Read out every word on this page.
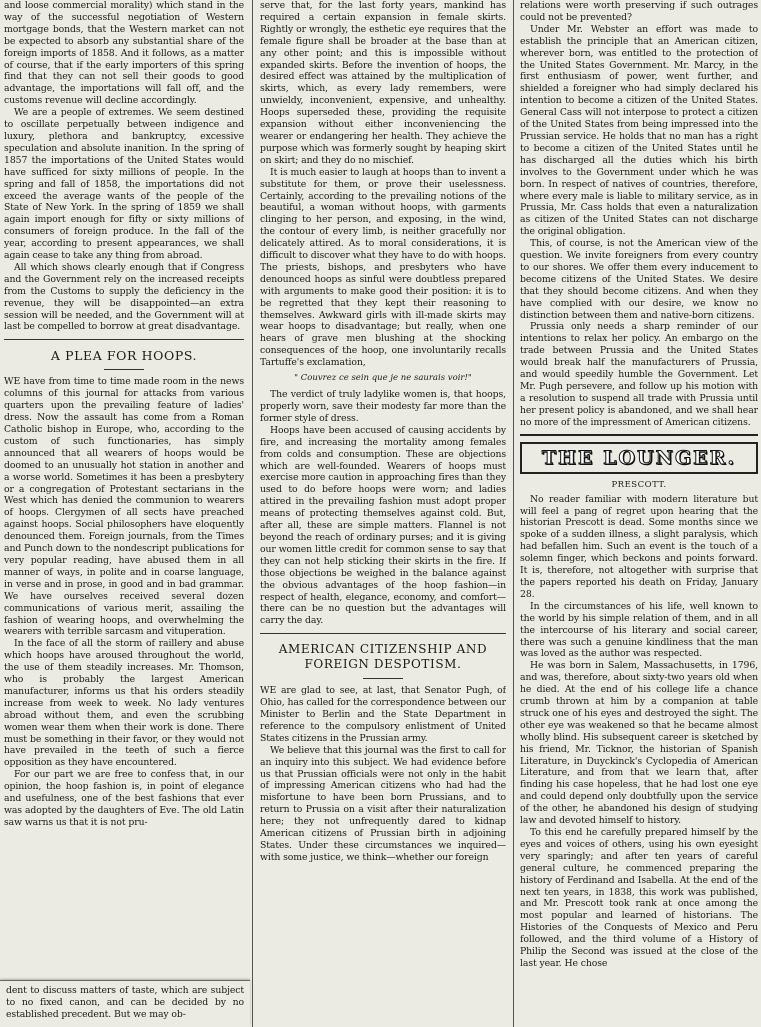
and loose commercial morality) which stand in the way of the successful negotiation of Western mortgage bonds, that the Western market can not be expected to absorb any substantial share of the foreign imports of 1858. And it follows, as a matter of course, that if the early importers of this spring find that they can not sell their goods to good advantage, the importations will fall off, and the customs revenue will decline accordingly.

We are a people of extremes. We seem destined to oscillate perpetually between indigence and luxury, plethora and bankruptcy, excessive speculation and absolute inanition. In the spring of 1857 the importations of the United States would have sufficed for sixty millions of people. In the spring and fall of 1858, the importations did not exceed the average wants of the people of the State of New York. In the spring of 1859 we shall again import enough for fifty or sixty millions of consumers of foreign produce. In the fall of the year, according to present appearances, we shall again cease to take any thing from abroad.

All which shows clearly enough that if Congress and the Government rely on the increased receipts from the Customs to supply the deficiency in the revenue, they will be disappointed—an extra session will be needed, and the Government will at last be compelled to borrow at great disadvantage.

A PLEA FOR HOOPS.

WE have from time to time made room in the news columns of this journal for attacks from various quarters upon the prevailing feature of ladies' dress. Now the assault has come from a Roman Catholic bishop in Europe, who, according to the custom of such functionaries, has simply announced that all wearers of hoops would be doomed to an unusually hot station in another and a worse world. Sometimes it has been a presbytery or a congregation of Protestant sectarians in the West which has denied the communion to wearers of hoops. Clergymen of all sects have preached against hoops. Social philosophers have eloquently denounced them. Foreign journals, from the Times and Punch down to the nondescript publications for very popular reading, have abused them in all manner of ways, in polite and in coarse language, in verse and in prose, in good and in bad grammar. We have ourselves received several dozen communications of various merit, assailing the fashion of wearing hoops, and overwhelming the wearers with terrible sarcasm and vituperation.

In the face of all the storm of raillery and abuse which hoops have aroused throughout the world, the use of them steadily increases. Mr. Thomson, who is probably the largest American manufacturer, informs us that his orders steadily increase from week to week. No lady ventures abroad without them, and even the scrubbing women wear them when their work is done. There must be something in their favor, or they would not have prevailed in the teeth of such a fierce opposition as they have encountered.

For our part we are free to confess that, in our opinion, the hoop fashion is, in point of elegance and usefulness, one of the best fashions that ever was adopted by the daughters of Eve. The old Latin saw warns us that it is not pru-

dent to discuss matters of taste, which are subject to no fixed canon, and can be decided by no established precedent. But we may ob-

serve that, for the last forty years, mankind has required a certain expansion in female skirts. Rightly or wrongly, the esthetic eye requires that the female figure shall be broader at the base than at any other point; and this is impossible without expanded skirts. Before the invention of hoops, the desired effect was attained by the multiplication of skirts, which, as every lady remembers, were unwieldy, inconvenient, expensive, and unhealthy. Hoops superseded these, providing the requisite expansion without either inconveniencing the wearer or endangering her health. They achieve the purpose which was formerly sought by heaping skirt on skirt; and they do no mischief.

It is much easier to laugh at hoops than to invent a substitute for them, or prove their uselessness. Certainly, according to the prevailing notions of the beautiful, a woman without hoops, with garments clinging to her person, and exposing, in the wind, the contour of every limb, is neither gracefully nor delicately attired. As to moral considerations, it is difficult to discover what they have to do with hoops. The priests, bishops, and presbyters who have denounced hoops as sinful were doubtless prepared with arguments to make good their position: it is to be regretted that they kept their reasoning to themselves. Awkward girls with ill-made skirts may wear hoops to disadvantage; but really, when one hears of grave men blushing at the shocking consequences of the hoop, one involuntarily recalls Tartuffe's exclamation,

" Couvrez ce sein que je ne saurais voir!"

The verdict of truly ladylike women is, that hoops, properly worn, save their modesty far more than the former style of dress.

Hoops have been accused of causing accidents by fire, and increasing the mortality among females from colds and consumption. These are objections which are well-founded. Wearers of hoops must exercise more caution in approaching fires than they used to do before hoops were worn; and ladies attired in the prevailing fashion must adopt proper means of protecting themselves against cold. But, after all, these are simple matters. Flannel is not beyond the reach of ordinary purses; and it is giving our women little credit for common sense to say that they can not help sticking their skirts in the fire. If those objections be weighed in the balance against the obvious advantages of the hoop fashion—in respect of health, elegance, economy, and comfort—there can be no question but the advantages will carry the day.

AMERICAN CITIZENSHIP AND FOREIGN DESPOTISM.

WE are glad to see, at last, that Senator Pugh, of Ohio, has called for the correspondence between our Minister to Berlin and the State Department in reference to the compulsory enlistment of United States citizens in the Prussian army.

We believe that this journal was the first to call for an inquiry into this subject. We had evidence before us that Prussian officials were not only in the habit of impressing American citizens who had had the misfortune to have been born Prussians, and to return to Prussia on a visit after their naturalization here; they not unfrequently dared to kidnap American citizens of Prussian birth in adjoining States. Under these circumstances we inquired—with some justice, we think—whether our foreign

relations were worth preserving if such outrages could not be prevented?

Under Mr. Webster an effort was made to establish the principle that an American citizen, wherever born, was entitled to the protection of the United States Government. Mr. Marcy, in the first enthusiasm of power, went further, and shielded a foreigner who had simply declared his intention to become a citizen of the United States. General Cass will not interpose to protect a citizen of the United States from being impressed into the Prussian service. He holds that no man has a right to become a citizen of the United States until he has discharged all the duties which his birth involves to the Government under which he was born. In respect of natives of countries, therefore, where every male is liable to military service, as in Prussia, Mr. Cass holds that even a naturalization as citizen of the United States can not discharge the original obligation.

This, of course, is not the American view of the question. We invite foreigners from every country to our shores. We offer them every inducement to become citizens of the United States. We desire that they should become citizens. And when they have complied with our desire, we know no distinction between them and native-born citizens.

Prussia only needs a sharp reminder of our intentions to relax her policy. An embargo on the trade between Prussia and the United States would break half the manufacturers of Prussia, and would speedily humble the Government. Let Mr. Pugh persevere, and follow up his motion with a resolution to suspend all trade with Prussia until her present policy is abandoned, and we shall hear no more of the impressment of American citizens.

THE LOUNGER.
PRESCOTT.

No reader familiar with modern literature but will feel a pang of regret upon hearing that the historian Prescott is dead. Some months since we spoke of a sudden illness, a slight paralysis, which had befallen him. Such an event is the touch of a solemn finger, which beckons and points forward. It is, therefore, not altogether with surprise that the papers reported his death on Friday, January 28.

In the circumstances of his life, well known to the world by his simple relation of them, and in all the intercourse of his literary and social career, there was such a genuine kindliness that the man was loved as the author was respected.

He was born in Salem, Massachusetts, in 1796, and was, therefore, about sixty-two years old when he died. At the end of his college life a chance crumb thrown at him by a companion at table struck one of his eyes and destroyed the sight. The other eye was weakened so that he became almost wholly blind. His subsequent career is sketched by his friend, Mr. Ticknor, the historian of Spanish Literature, in Duyckinck's Cyclopedia of American Literature, and from that we learn that, after finding his case hopeless, that he had lost one eye and could depend only doubtfully upon the service of the other, he abandoned his design of studying law and devoted himself to history.

To this end he carefully prepared himself by the eyes and voices of others, using his own eyesight very sparingly; and after ten years of careful general culture, he commenced preparing the history of Ferdinand and Isabella. At the end of the next ten years, in 1838, this work was published, and Mr. Prescott took rank at once among the most popular and learned of historians. The Histories of the Conquests of Mexico and Peru followed, and the third volume of a History of Philip the Second was issued at the close of the last year. He chose
